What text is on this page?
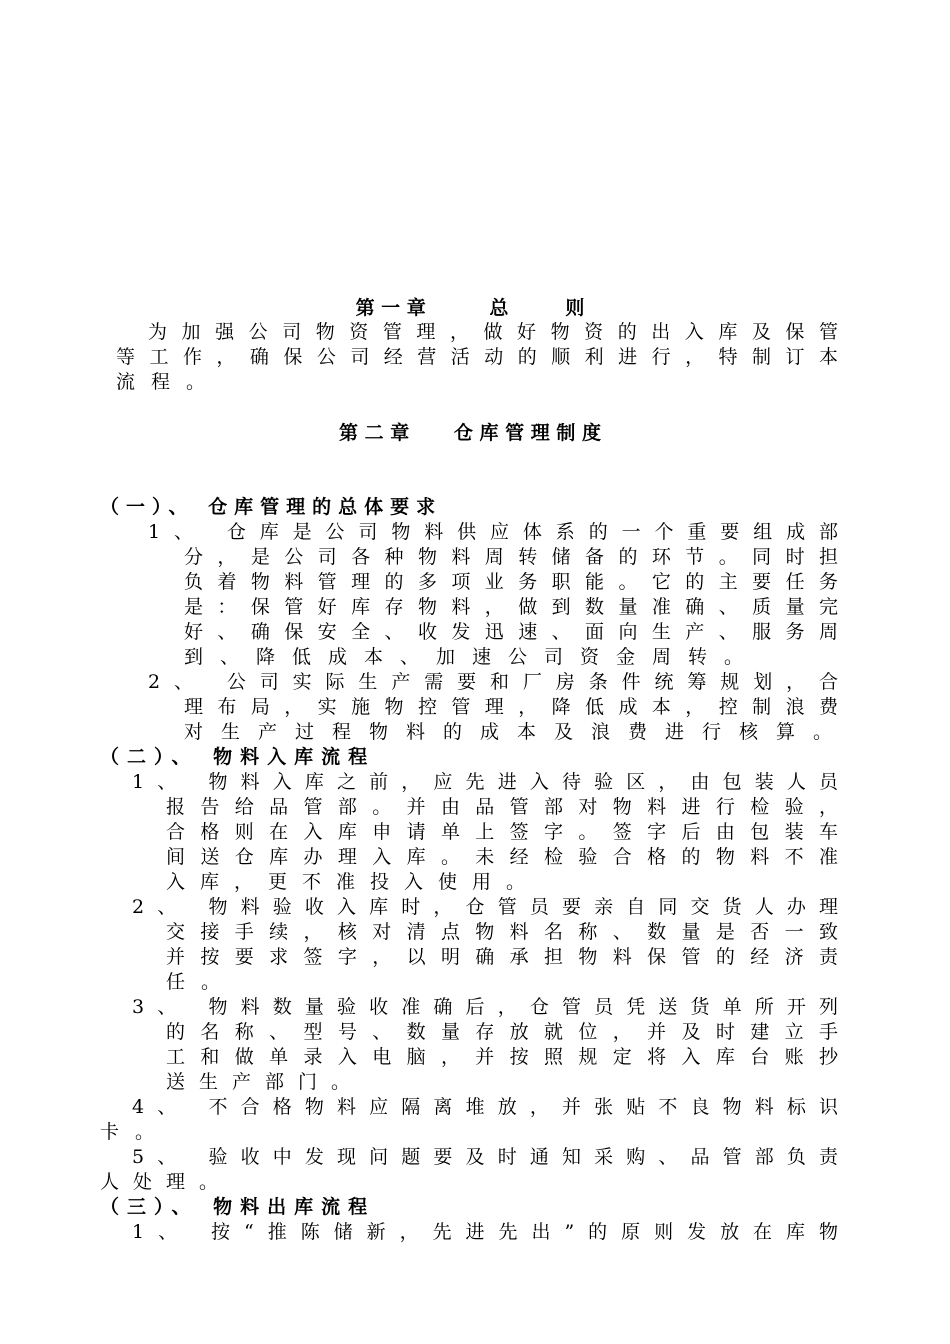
第 一 章 　　　总　　　则
为加强公司物资管理，做好物资的出入库及保管
等工作，确保公司经营活动的顺利进行，特制订本
流程。
第 二 章 　　仓 库 管 理 制 度
（一）、 仓库管理的总体要求
1、 仓库是公司物料供应体系的一个重要组成部
分，是公司各种物料周转储备的环节。同时担
负着物料管理的多项业务职能。它的主要任务
是：保管好库存物料，做到数量准确、质量完
好、确保安全、收发迅速、面向生产、服务周
到、降低成本、加速公司资金周转。
2、 公司实际生产需要和厂房条件统筹规划，合
理布局，实施物控管理，降低成本，控制浪费
对生产过程物料的成本及浪费进行核算。
（二）、 物料入库流程
1、 物料入库之前，应先进入待验区，由包装人员
报告给品管部。并由品管部对物料进行检验，
合格则在入库申请单上签字。签字后由包装车
间送仓库办理入库。未经检验合格的物料不准
入库，更不准投入使用。
2、 物料验收入库时，仓管员要亲自同交货人办理
交接手续，核对清点物料名称、数量是否一致
并按要求签字，以明确承担物料保管的经济责
任。
3、 物料数量验收准确后，仓管员凭送货单所开列
的名称、型号、数量存放就位，并及时建立手
工和做单录入电脑，并按照规定将入库台账抄
送生产部门。
4、 不合格物料应隔离堆放，并张贴不良物料标识
卡。
5、 验收中发现问题要及时通知采购、品管部负责
人处理。
（三）、 物料出库流程
1、 按“推陈储新，先进先出”的原则发放在库物
